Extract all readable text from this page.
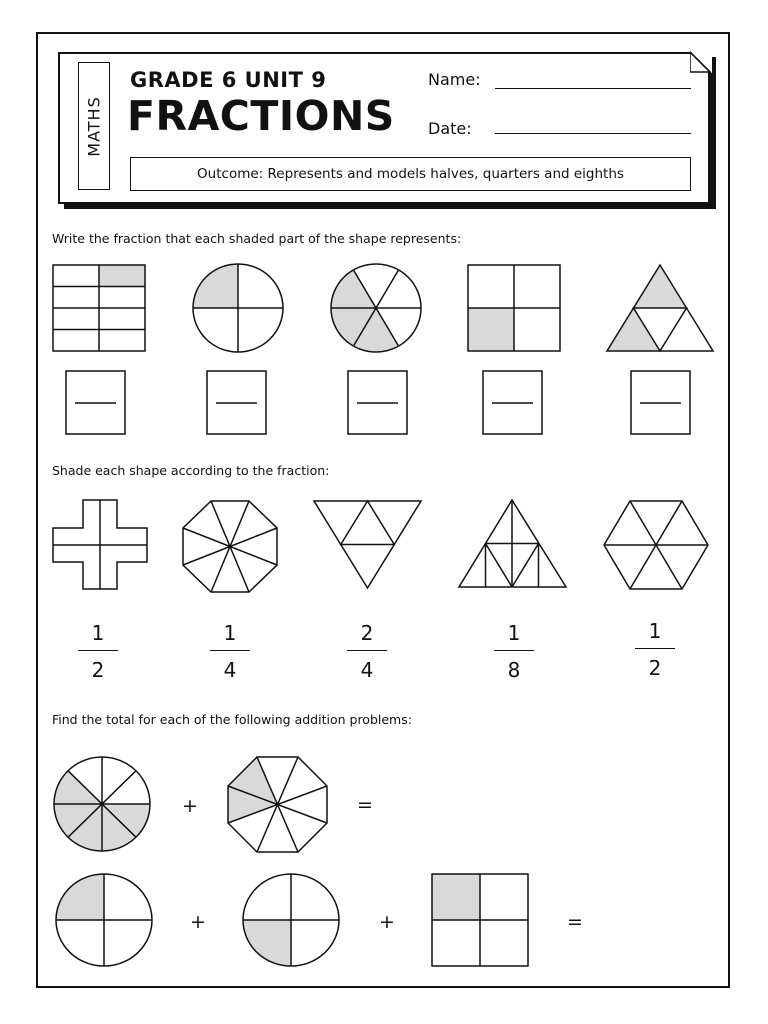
MATHS
GRADE 6 UNIT 9
FRACTIONS
Name:
Date:
Outcome: Represents and models halves, quarters and eighths
Write the fraction that each shaded part of the shape represents:
Shade each shape according to the fraction:
1
2
1
4
2
4
1
8
1
2
Find the total for each of the following addition problems:
+	=
+	+	=
